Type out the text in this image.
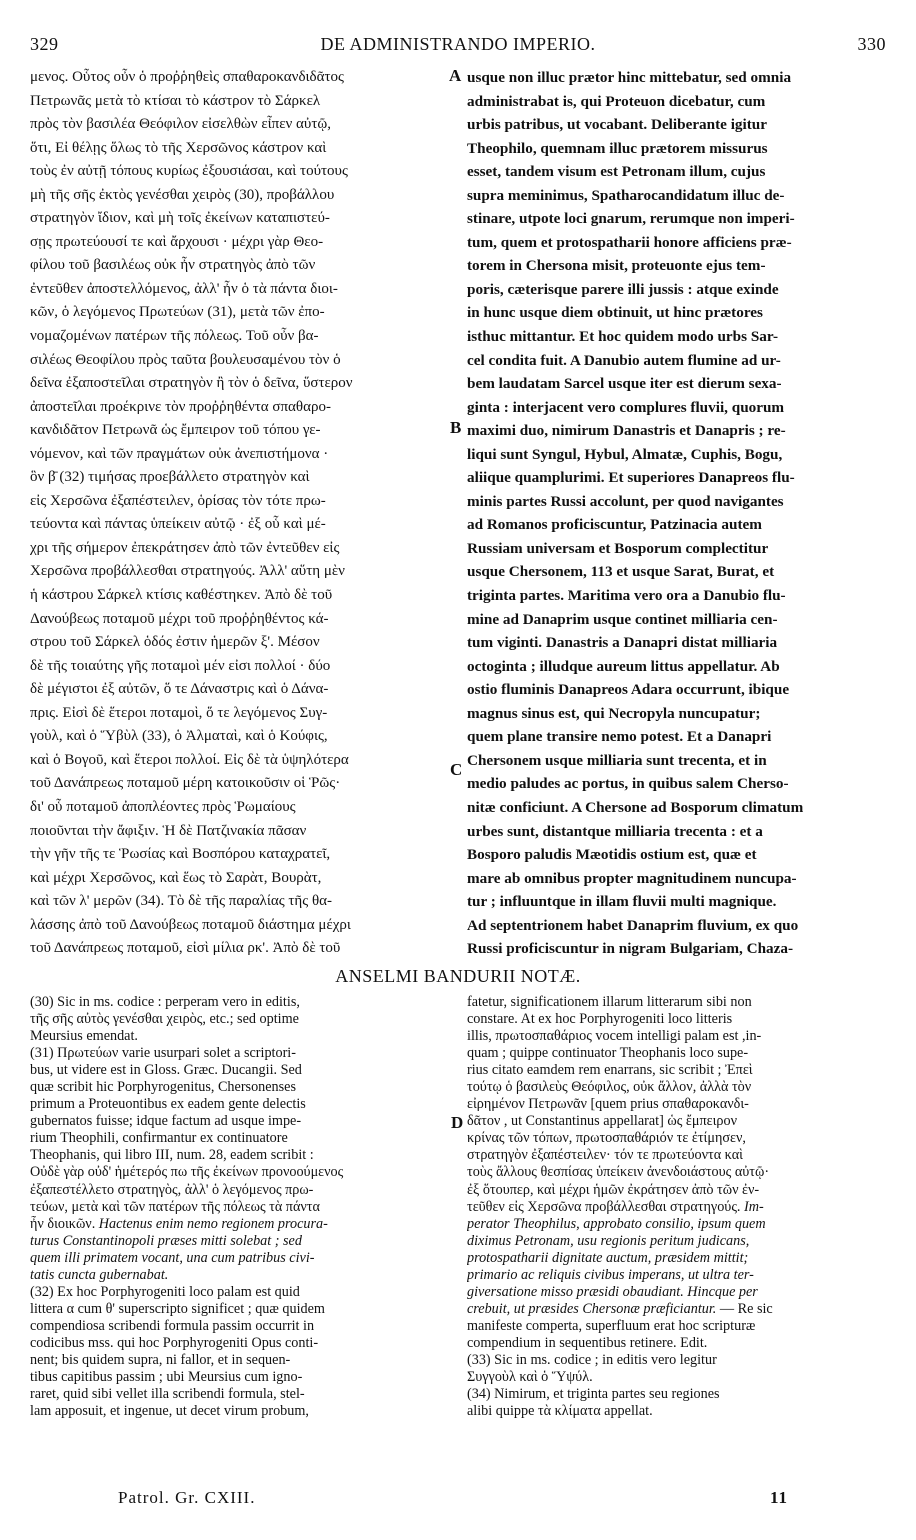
329	DE ADMINISTRANDO IMPERIO.	330
μενος. Οὗτος οὖν ὁ προῤῥηθεὶς σπαθαροκανδιδᾶτος
Πετρωνᾶς μετὰ τὸ κτίσαι τὸ κάστρον τὸ Σάρκελ
πρὸς τὸν βασιλέα Θεόφιλον εἰσελθὼν εἶπεν αὐτῷ,
ὅτι, Εἰ θέλῃς ὅλως τὸ τῆς Χερσῶνος κάστρον καὶ
τοὺς ἐν αὐτῇ τόπους κυρίως ἐξουσιάσαι, καὶ τούτους
μὴ τῆς σῆς ἐκτὸς γενέσθαι χειρὸς (30), προβάλλου
στρατηγὸν ἴδιον, καὶ μὴ τοῖς ἐκείνων καταπιστεύ-
σῃς πρωτεύουσί τε καὶ ἄρχουσι · μέχρι γὰρ Θεο-
φίλου τοῦ βασιλέως οὐκ ἦν στρατηγὸς ἀπὸ τῶν
ἐντεῦθεν ἀποστελλόμενος, ἀλλ' ἦν ὁ τὰ πάντα διοι-
κῶν, ὁ λεγόμενος Πρωτεύων (31), μετὰ τῶν ἐπο-
νομαζομένων πατέρων τῆς πόλεως. Τοῦ οὖν βα-
σιλέως Θεοφίλου πρὸς ταῦτα βουλευσαμένου τὸν ὁ
δεῖνα ἐξαποστεῖλαι στρατηγὸν ἢ τὸν ὁ δεῖνα, ὕστερον
ἀποστεῖλαι προέκρινε τὸν προῤῥηθέντα σπαθαρο-
κανδιδᾶτον Πετρωνᾶ ὡς ἔμπειρον τοῦ τόπου γε-
νόμενον, καὶ τῶν πραγμάτων οὐκ ἀνεπιστήμονα ·
ὃν β̄ (32) τιμήσας προεβάλλετο στρατηγὸν καὶ
εἰς Χερσῶνα ἐξαπέστειλεν, ὁρίσας τὸν τότε πρω-
τεύοντα καὶ πάντας ὑπείκειν αὐτῷ · ἐξ οὗ καὶ μέ-
χρι τῆς σήμερον ἐπεκράτησεν ἀπὸ τῶν ἐντεῦθεν εἰς
Χερσῶνα προβάλλεσθαι στρατηγούς. Ἀλλ' αὕτη μὲν
ἡ κάστρου Σάρκελ κτίσις καθέστηκεν. Ἀπὸ δὲ τοῦ
Δανούβεως ποταμοῦ μέχρι τοῦ προῤῥηθέντος κά-
στρου τοῦ Σάρκελ ὁδός ἐστιν ἡμερῶν ξ'. Μέσον
δὲ τῆς τοιαύτης γῆς ποταμοὶ μέν εἰσι πολλοί · δύο
δὲ μέγιστοι ἐξ αὐτῶν, ὅ τε Δάναστρις καὶ ὁ Δάνα-
πρις. Εἰσὶ δὲ ἕτεροι ποταμοὶ, ὅ τε λεγόμενος Συγ-
γοὺλ, καὶ ὁ Ὕβὺλ (33), ὁ Ἀλματαὶ, καὶ ὁ Κούφις,
καὶ ὁ Βογοῦ, καὶ ἕτεροι πολλοί. Εἰς δὲ τὰ ὑψηλότερα
τοῦ Δανάπρεως ποταμοῦ μέρη κατοικοῦσιν οἱ Ῥῶς·
δι' οὗ ποταμοῦ ἀποπλέοντες πρὸς Ῥωμαίους
ποιοῦνται τὴν ἄφιξιν. Ἡ δὲ Πατζινακία πᾶσαν
τὴν γῆν τῆς τε Ῥωσίας καὶ Βοσπόρου καταχρατεῖ,
καὶ μέχρι Χερσῶνος, καὶ ἕως τὸ Σαρὰτ, Βουρὰτ,
καὶ τῶν λ' μερῶν (34). Τὸ δὲ τῆς παραλίας τῆς θα-
λάσσης ἀπὸ τοῦ Δανούβεως ποταμοῦ διάστημα μέχρι
τοῦ Δανάπρεως ποταμοῦ, εἰσὶ μίλια ρκ'. Ἀπὸ δὲ τοῦ
usque non illuc prætor hinc mittebatur, sed omnia
administrabat is, qui Proteuon dicebatur, cum
urbis patribus, ut vocabant. Deliberante igitur
Theophilo, quemnam illuc prætorem missurus
esset, tandem visum est Petronam illum, cujus
supra meminimus, Spatharocandidatum illuc de-
stinare, utpote loci gnarum, rerumque non imperi-
tum, quem et protospatharii honore afficiens præ-
torem in Chersona misit, proteuonte ejus tem-
poris, cæterisque parere illi jussis : atque exinde
in hunc usque diem obtinuit, ut hinc prætores
isthuc mittantur. Et hoc quidem modo urbs Sar-
cel condita fuit. A Danubio autem flumine ad ur-
bem laudatam Sarcel usque iter est dierum sexa-
ginta : interjacent vero complures fluvii, quorum
maximi duo, nimirum Danastris et Danapris ; re-
liqui sunt Syngul, Hybul, Almatæ, Cuphis, Bogu,
aliique quamplurimi. Et superiores Danapreos flu-
minis partes Russi accolunt, per quod navigantes
ad Romanos proficiscuntur, Patzinacia autem
Russiam universam et Bosporum complectitur
usque Chersonem, 113 et usque Sarat, Burat, et
triginta partes. Maritima vero ora a Danubio flu-
mine ad Danaprim usque continet milliaria cen-
tum viginti. Danastris a Danapri distat milliaria
octoginta ; illudque aureum littus appellatur. Ab
ostio fluminis Danapreos Adara occurrunt, ibique
magnus sinus est, qui Necropyla nuncupatur;
quem plane transire nemo potest. Et a Danapri
Chersonem usque milliaria sunt trecenta, et in
medio paludes ac portus, in quibus salem Cherso-
nitæ conficiunt. A Chersone ad Bosporum climatum
urbes sunt, distantque milliaria trecenta : et a
Bosporo paludis Mæotidis ostium est, quæ et
mare ab omnibus propter magnitudinem nuncupa-
tur ; influuntque in illam fluvii multi magnique.
Ad septentrionem habet Danaprim fluvium, ex quo
Russi proficiscuntur in nigram Bulgariam, Chaza-
A
B
C
D
ANSELMI BANDURII NOTÆ.
(30) Sic in ms. codice : perperam vero in editis,
τῆς σῆς αὐτὸς γενέσθαι χειρὸς, etc.; sed optime
Meursius emendat.
(31) Πρωτεύων varie usurpari solet a scriptori-
bus, ut videre est in Gloss. Græc. Ducangii. Sed
quæ scribit hic Porphyrogenitus, Chersonenses
primum a Proteuontibus ex eadem gente delectis
gubernatos fuisse; idque factum ad usque impe-
rium Theophili, confirmantur ex continuatore
Theophanis, qui libro III, num. 28, eadem scribit :
Οὐδὲ γὰρ οὐδ' ἡμέτερός πω τῆς ἐκείνων προνοούμενος
ἐξαπεστέλλετο στρατηγὸς, ἀλλ' ὁ λεγόμενος πρω-
τεύων, μετὰ καὶ τῶν πατέρων τῆς πόλεως τὰ πάντα
ἦν διοικῶν. Hactenus enim nemo regionem procura-
turus Constantinopoli præses mitti solebat ; sed
quem illi primatem vocant, una cum patribus civi-
tatis cuncta gubernabat.
(32) Ex hoc Porphyrogeniti loco palam est quid
littera α cum θ' superscripto significet ; quæ quidem
compendiosa scribendi formula passim occurrit in
codicibus mss. qui hoc Porphyrogeniti Opus conti-
nent; bis quidem supra, ni fallor, et in sequen-
tibus capitibus passim ; ubi Meursius cum igno-
raret, quid sibi vellet illa scribendi formula, stel-
lam apposuit, et ingenue, ut decet virum probum,
fatetur, significationem illarum litterarum sibi non
constare. At ex hoc Porphyrogeniti loco litteris
illis, πρωτοσπαθάριος vocem intelligi palam est ,in-
quam ; quippe continuator Theophanis loco supe-
rius citato eamdem rem enarrans, sic scribit ; Ἐπεὶ
τούτῳ ὁ βασιλεὺς Θεόφιλος, οὐκ ἄλλον, ἀλλὰ τὸν
εἰρημένον Πετρωνᾶν [quem prius σπαθαροκανδι-
δᾶτον , ut Constantinus appellarat] ὡς ἔμπειρον
κρίνας τῶν τόπων, πρωτοσπαθάριόν τε ἐτίμησεν,
στρατηγὸν ἐξαπέστειλεν· τόν τε πρωτεύοντα καὶ
τοὺς ἄλλους θεσπίσας ὑπείκειν ἀνενδοιάστους αὐτῷ·
ἐξ ὅτουπερ, καὶ μέχρι ἡμῶν ἐκράτησεν ἀπὸ τῶν ἐν-
τεῦθεν εἰς Χερσῶνα προβάλλεσθαι στρατηγούς. Im-
perator Theophilus, approbato consilio, ipsum quem
diximus Petronam, usu regionis peritum judicans,
protospatharii dignitate auctum, præsidem mittit;
primario ac reliquis civibus imperans, ut ultra ter-
giversatione misso præsidi obaudiant. Hincque per
crebuit, ut præsides Chersonæ præficiantur. — Re sic
manifeste comperta, superfluum erat hoc scripturæ
compendium in sequentibus retinere. Edit.
(33) Sic in ms. codice ; in editis vero legitur
Συγγοὺλ καὶ ὁ Ὕψύλ.
(34) Nimirum, et triginta partes seu regiones
alibi quippe τὰ κλίματα appellat.
Patrol. Gr. CXIII.	11
